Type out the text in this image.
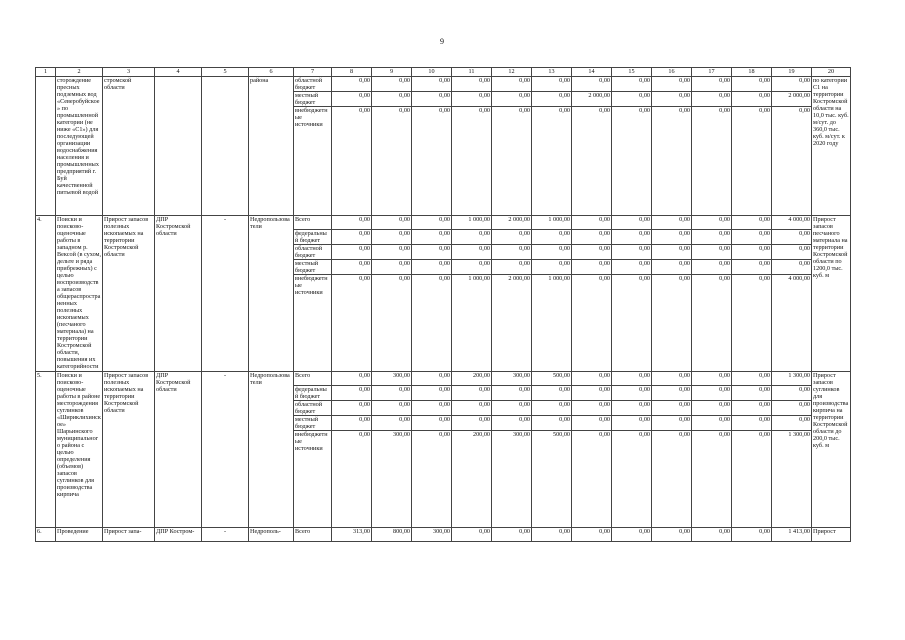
9
1	2	3	4	5	6	7	8	9	10	11	12	13	14	15	16	17	18	19	20
	сторождение пресных подземных вод «Северобуйское» по промышленной категории (не ниже «C1») для последующей организации водоснабжения населения и промышленных предприятий г. Буй качественной питьевой водой	стромской области			района	областной бюджет	0,00	0,00	0,00	0,00	0,00	0,00	0,00	0,00	0,00	0,00	0,00	0,00	по категории C1 на территории Костромской области на 10,0 тыс. куб. м/сут. до 360,0 тыс. куб. м/сут. к 2020 году
						местный бюджет	0,00	0,00	0,00	0,00	0,00	0,00	2 000,00	0,00	0,00	0,00	0,00	2 000,00	
						внебюджетные источники	0,00	0,00	0,00	0,00	0,00	0,00	0,00	0,00	0,00	0,00	0,00	0,00	
4.	Поиски и поисково-оценочные работы в западном р. Вексой (в сухом, дельте и ряда прибрежных) с целью воспроизводства запасов общераспространенных полезных ископаемых (песчаного материала) на территории Костромской области, повышения их категорийности	Прирост запасов полезных ископаемых на территории Костромской области	ДПР Костромской области	-	Недропользователи	Всего	0,00	0,00	0,00	1 000,00	2 000,00	1 000,00	0,00	0,00	0,00	0,00	0,00	4 000,00	Прирост запасов песчаного материала на территории Костромской области по 1200,0 тыс. куб. м
						федеральный бюджет	0,00	0,00	0,00	0,00	0,00	0,00	0,00	0,00	0,00	0,00	0,00	0,00	
						областной бюджет	0,00	0,00	0,00	0,00	0,00	0,00	0,00	0,00	0,00	0,00	0,00	0,00	
						местный бюджет	0,00	0,00	0,00	0,00	0,00	0,00	0,00	0,00	0,00	0,00	0,00	0,00	
						внебюджетные источники	0,00	0,00	0,00	1 000,00	2 000,00	1 000,00	0,00	0,00	0,00	0,00	0,00	4 000,00	
5.	Поиски и поисково-оценочные работы в районе месторождения суглинков «Шириклихинское» Шарьинского муниципального района с целью определения (объемов) запасов суглинков для производства кирпича	Прирост запасов полезных ископаемых на территории Костромской области	ДПР Костромской области	-	Недропользователи	Всего	0,00	300,00	0,00	200,00	300,00	500,00	0,00	0,00	0,00	0,00	0,00	1 300,00	Прирост запасов суглинков для производства кирпича на территории Костромской области до 200,0 тыс. куб. м
						федеральный бюджет	0,00	0,00	0,00	0,00	0,00	0,00	0,00	0,00	0,00	0,00	0,00	0,00	
						областной бюджет	0,00	0,00	0,00	0,00	0,00	0,00	0,00	0,00	0,00	0,00	0,00	0,00	
						местный бюджет	0,00	0,00	0,00	0,00	0,00	0,00	0,00	0,00	0,00	0,00	0,00	0,00	
						внебюджетные источники	0,00	300,00	0,00	200,00	300,00	500,00	0,00	0,00	0,00	0,00	0,00	1 300,00	
6.	Проведение	Прирост запа-	ДПР Костром-	-	Недрополь-	Всего	313,00	800,00	300,00	0,00	0,00	0,00	0,00	0,00	0,00	0,00	0,00	1 413,00	Прирост
